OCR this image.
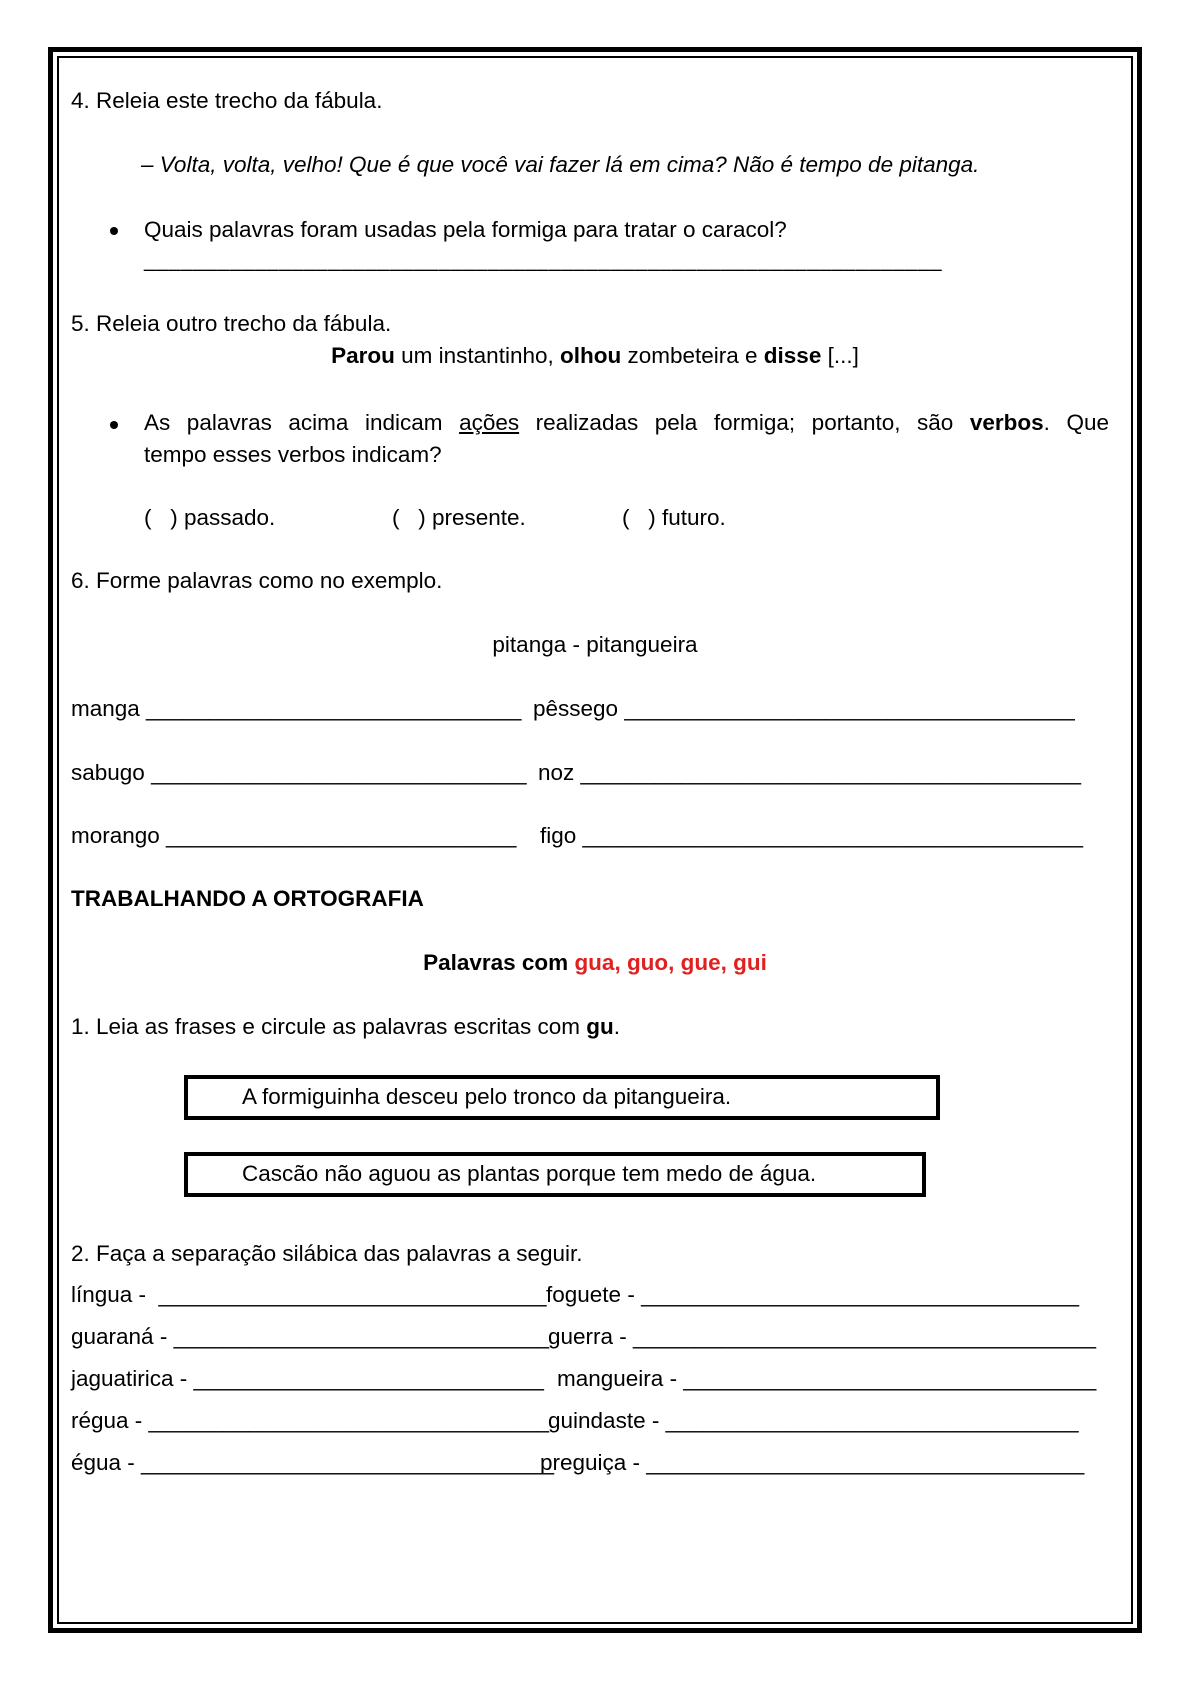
4. Releia este trecho da fábula.
– Volta, volta, velho! Que é que você vai fazer lá em cima? Não é tempo de pitanga.
Quais palavras foram usadas pela formiga para tratar o caracol?
_________________________________________________________________
5. Releia outro trecho da fábula.
Parou um instantinho, olhou zombeteira e disse [...]
As palavras acima indicam ações realizadas pela formiga; portanto, são verbos. Que
tempo esses verbos indicam?
(   ) passado.	(   ) presente.	(   ) futuro.
6. Forme palavras como no exemplo.
pitanga - pitangueira
manga ______________________________ pêssego ____________________________________
sabugo ______________________________ noz ________________________________________
morango ____________________________ figo ________________________________________
TRABALHANDO A ORTOGRAFIA
Palavras com gua, guo, gue, gui
1. Leia as frases e circule as palavras escritas com gu.
A formiguinha desceu pelo tronco da pitangueira.
Cascão não aguou as plantas porque tem medo de água.
2. Faça a separação silábica das palavras a seguir.
língua -  _______________________________ foguete - ___________________________________
guaraná - ______________________________ guerra - _____________________________________
jaguatirica - ____________________________ mangueira - _________________________________
régua - ________________________________ guindaste - _________________________________
égua - _________________________________
preguiça - ___________________________________
